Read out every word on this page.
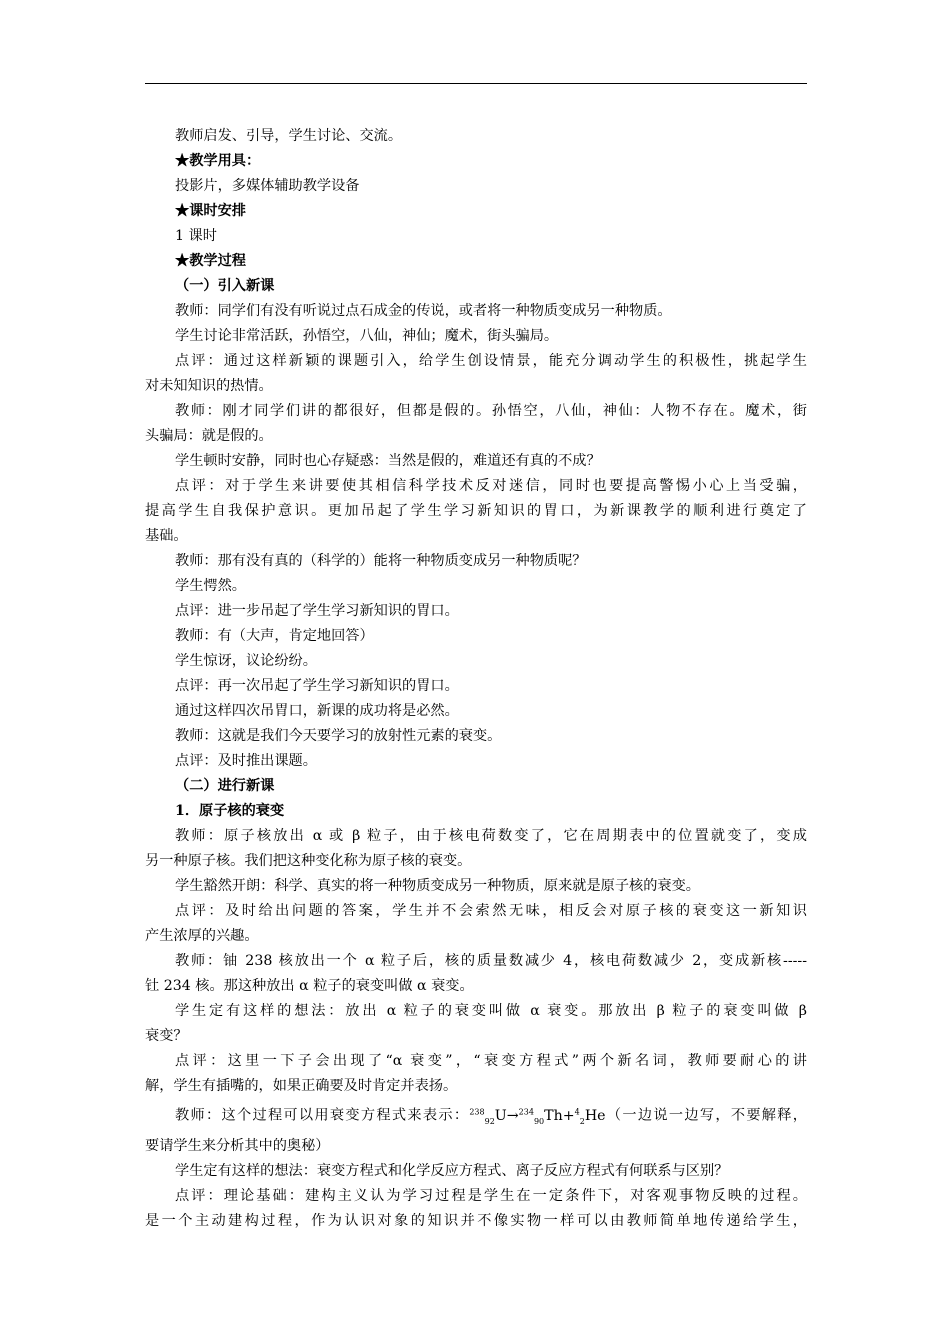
教师启发、引导，学生讨论、交流。
★教学用具：
投影片，多媒体辅助教学设备
★课时安排
1 课时
★教学过程
（一）引入新课
教师：同学们有没有听说过点石成金的传说，或者将一种物质变成另一种物质。
学生讨论非常活跃，孙悟空，八仙，神仙；魔术，街头骗局。
点评：通过这样新颖的课题引入，给学生创设情景，能充分调动学生的积极性，挑起学生
对未知知识的热情。
教师：刚才同学们讲的都很好，但都是假的。孙悟空，八仙，神仙：人物不存在。魔术，街
头骗局：就是假的。
学生顿时安静，同时也心存疑惑：当然是假的，难道还有真的不成？
点评：对于学生来讲要使其相信科学技术反对迷信，同时也要提高警惕小心上当受骗，
提高学生自我保护意识。更加吊起了学生学习新知识的胃口，为新课教学的顺利进行奠定了
基础。
教师：那有没有真的（科学的）能将一种物质变成另一种物质呢？
学生愕然。
点评：进一步吊起了学生学习新知识的胃口。
教师：有（大声，肯定地回答）
学生惊讶，议论纷纷。
点评：再一次吊起了学生学习新知识的胃口。
通过这样四次吊胃口，新课的成功将是必然。
教师：这就是我们今天要学习的放射性元素的衰变。
点评：及时推出课题。
（二）进行新课
1．原子核的衰变
教师：原子核放出 α 或 β 粒子，由于核电荷数变了，它在周期表中的位置就变了，变成
另一种原子核。我们把这种变化称为原子核的衰变。
学生豁然开朗：科学、真实的将一种物质变成另一种物质，原来就是原子核的衰变。
点评：及时给出问题的答案，学生并不会索然无味，相反会对原子核的衰变这一新知识
产生浓厚的兴趣。
教师：铀 238 核放出一个 α 粒子后，核的质量数减少 4，核电荷数减少 2，变成新核-----
钍 234 核。那这种放出 α 粒子的衰变叫做 α 衰变。
学生定有这样的想法：放出 α 粒子的衰变叫做 α 衰变。那放出 β 粒子的衰变叫做 β
衰变？
点评：这里一下子会出现了“α 衰变”，“衰变方程式”两个新名词，教师要耐心的讲
解，学生有插嘴的，如果正确要及时肯定并表扬。
教师：这个过程可以用衰变方程式来表示：$^{238}_{92}$U→$^{234}_{90}$Th+$^4_2$He（一边说一边写，不要解释，
要请学生来分析其中的奥秘）
学生定有这样的想法：衰变方程式和化学反应方程式、离子反应方程式有何联系与区别？
点评：理论基础：建构主义认为学习过程是学生在一定条件下，对客观事物反映的过程。
是一个主动建构过程，作为认识对象的知识并不像实物一样可以由教师简单地传递给学生，
